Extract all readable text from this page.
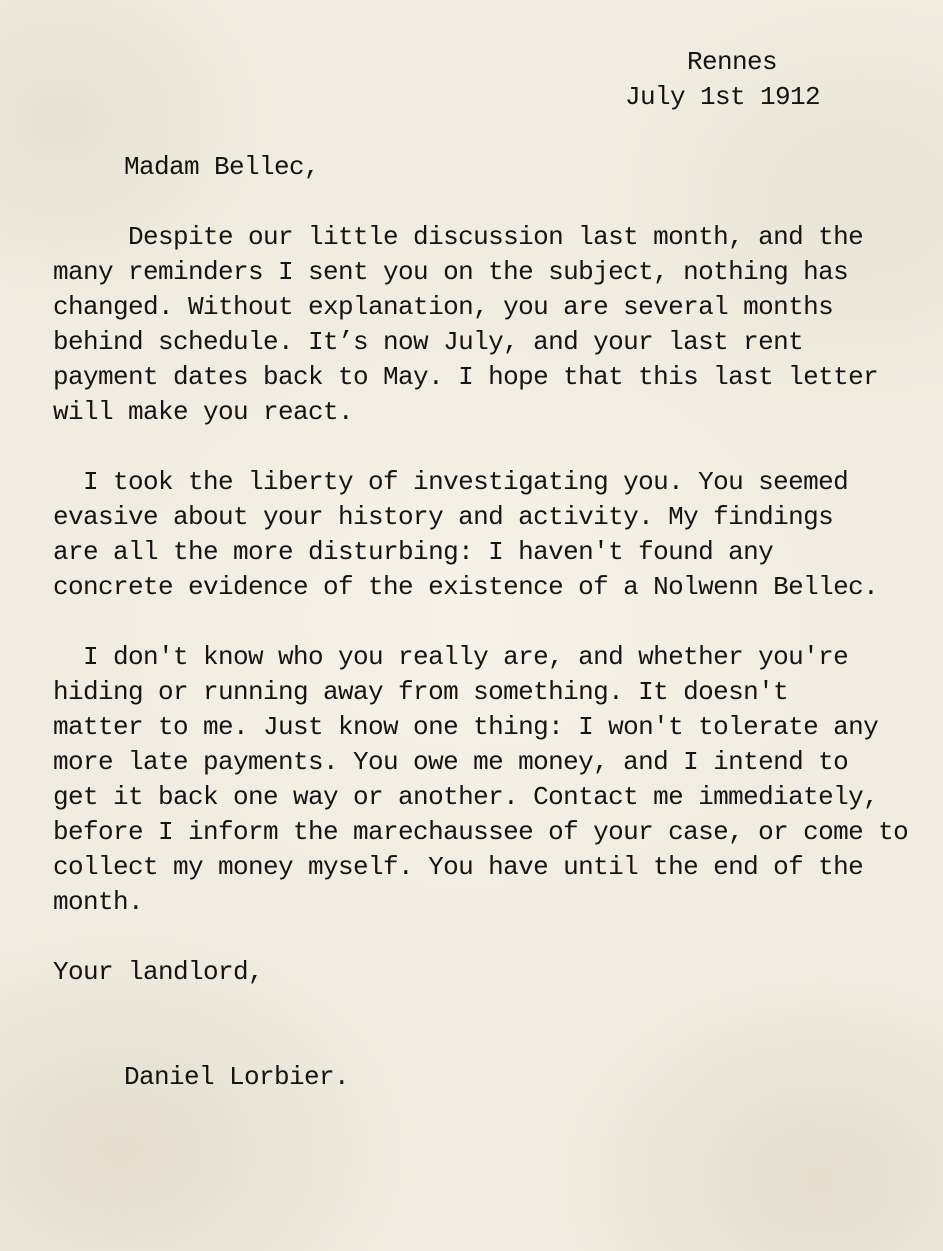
Rennes

July 1st 1912

Madam Bellec,

Despite our little discussion last month, and the
many reminders I sent you on the subject, nothing has
changed. Without explanation, you are several months
behind schedule. It’s now July, and your last rent
payment dates back to May. I hope that this last letter
will make you react.

I took the liberty of investigating you. You seemed
evasive about your history and activity. My findings
are all the more disturbing: I haven't found any
concrete evidence of the existence of a Nolwenn Bellec.

I don't know who you really are, and whether you're
hiding or running away from something. It doesn't
matter to me. Just know one thing: I won't tolerate any
more late payments. You owe me money, and I intend to
get it back one way or another. Contact me immediately,
before I inform the marechaussee of your case, or come to
collect my money myself. You have until the end of the
month.

Your landlord,

Daniel Lorbier.
